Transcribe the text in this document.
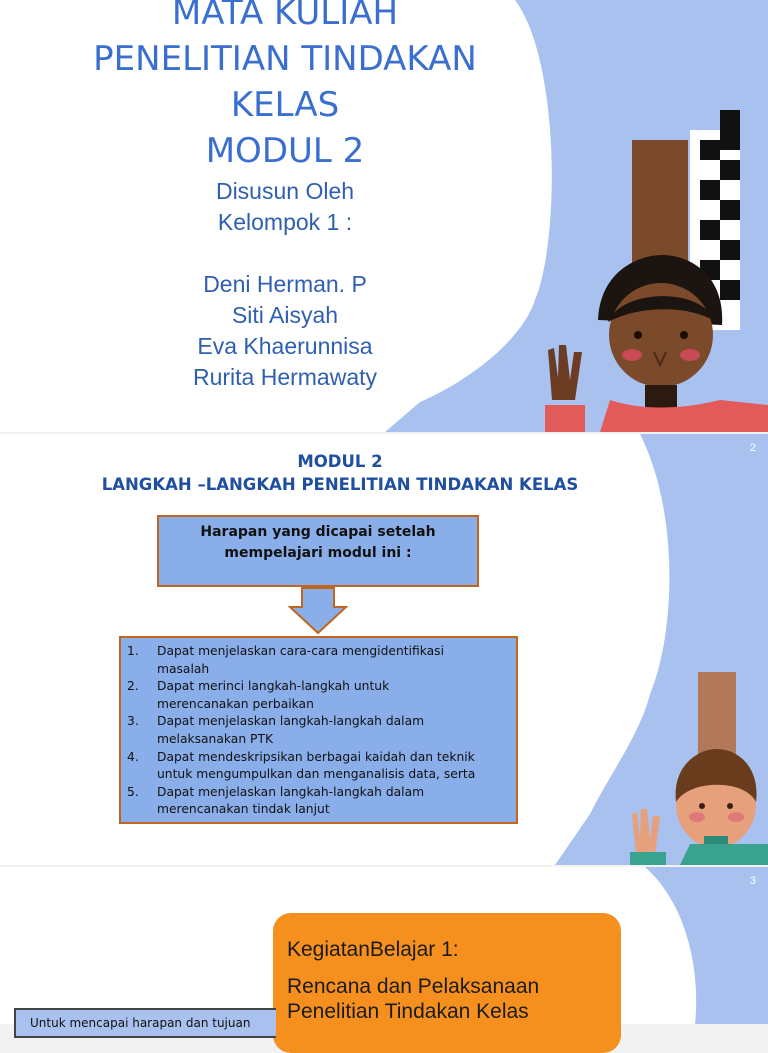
MATA KULIAH
PENELITIAN TINDAKAN
KELAS
MODUL 2
Disusun Oleh
Kelompok 1 :
Deni Herman. P
Siti Aisyah
Eva Khaerunnisa
Rurita Hermawaty
2
MODUL 2
LANGKAH –LANGKAH PENELITIAN TINDAKAN KELAS
Harapan yang dicapai setelah
mempelajari modul ini :
1. Dapat menjelaskan cara-cara mengidentifikasi
masalah
2. Dapat merinci langkah-langkah untuk
merencanakan perbaikan
3. Dapat menjelaskan langkah-langkah dalam
melaksanakan PTK
4. Dapat mendeskripsikan berbagai kaidah dan teknik
untuk mengumpulkan dan menganalisis data, serta
5. Dapat menjelaskan langkah-langkah dalam
merencanakan tindak lanjut
3
KegiatanBelajar 1:
Rencana dan Pelaksanaan
Penelitian Tindakan Kelas
Untuk mencapai harapan dan tujuan
